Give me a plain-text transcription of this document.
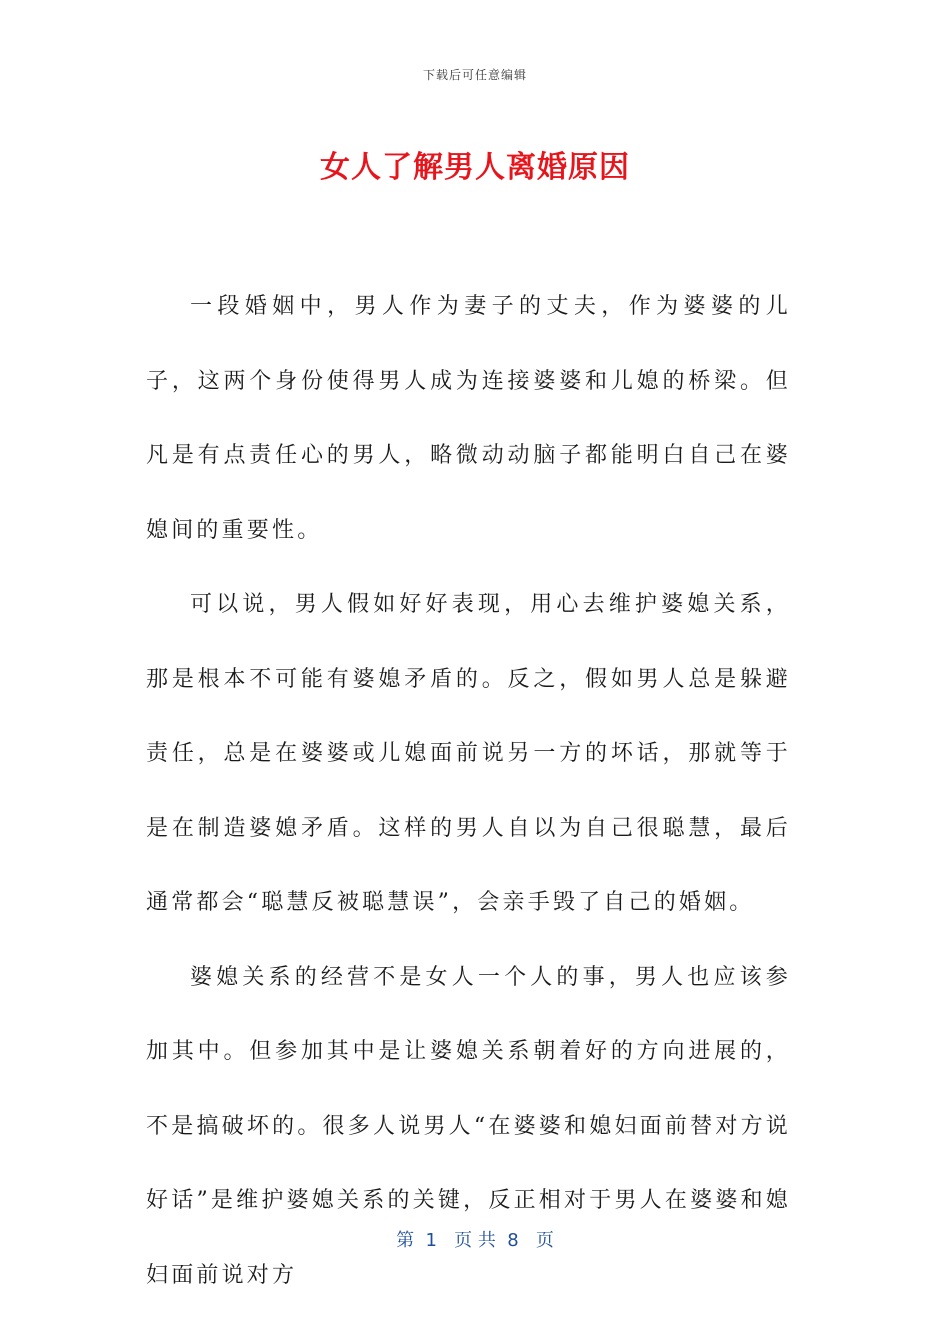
下载后可任意编辑
女人了解男人离婚原因

一段婚姻中，男人作为妻子的丈夫，作为婆婆的儿子，这两个身份使得男人成为连接婆婆和儿媳的桥梁。但凡是有点责任心的男人，略微动动脑子都能明白自己在婆媳间的重要性。

可以说，男人假如好好表现，用心去维护婆媳关系，那是根本不可能有婆媳矛盾的。反之，假如男人总是躲避责任，总是在婆婆或儿媳面前说另一方的坏话，那就等于是在制造婆媳矛盾。这样的男人自以为自己很聪慧，最后通常都会“聪慧反被聪慧误”，会亲手毁了自己的婚姻。

婆媳关系的经营不是女人一个人的事，男人也应该参加其中。但参加其中是让婆媳关系朝着好的方向进展的，不是搞破坏的。很多人说男人“在婆婆和媳妇面前替对方说好话”是维护婆媳关系的关键，反正相对于男人在婆婆和媳妇面前说对方

第  1   页 共  8   页
